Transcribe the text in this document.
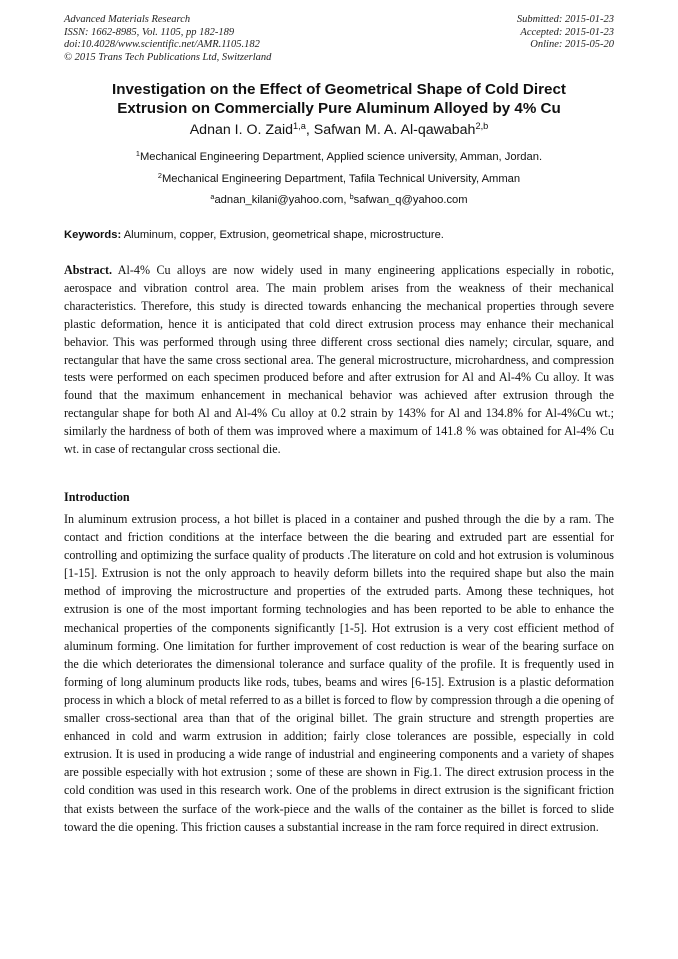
Advanced Materials Research
ISSN: 1662-8985, Vol. 1105, pp 182-189
doi:10.4028/www.scientific.net/AMR.1105.182
© 2015 Trans Tech Publications Ltd, Switzerland
Submitted: 2015-01-23
Accepted: 2015-01-23
Online: 2015-05-20
Investigation on the Effect of Geometrical Shape of Cold Direct
Extrusion on Commercially Pure Aluminum Alloyed by 4% Cu
Adnan I. O. Zaid$^{1,a}$, Safwan M. A. Al-qawabah$^{2,b}$
$^1$Mechanical Engineering Department, Applied science university, Amman, Jordan.
$^2$Mechanical Engineering Department, Tafila Technical University, Amman
$^a$adnan_kilani@yahoo.com, $^b$safwan_q@yahoo.com
Keywords: Aluminum, copper, Extrusion, geometrical shape, microstructure.

Abstract. Al-4% Cu alloys are now widely used in many engineering applications especially in robotic, aerospace and vibration control area. The main problem arises from the weakness of their mechanical characteristics. Therefore, this study is directed towards enhancing the mechanical properties through severe plastic deformation, hence it is anticipated that cold direct extrusion process may enhance their mechanical behavior. This was performed through using three different cross sectional dies namely; circular, square, and rectangular that have the same cross sectional area. The general microstructure, microhardness, and compression tests were performed on each specimen produced before and after extrusion for Al and Al-4% Cu alloy. It was found that the maximum enhancement in mechanical behavior was achieved after extrusion through the rectangular shape for both Al and Al-4% Cu alloy at 0.2 strain by 143% for Al and 134.8% for Al-4%Cu wt.; similarly the hardness of both of them was improved where a maximum of 141.8 % was obtained for Al-4% Cu wt. in case of rectangular cross sectional die.

Introduction

In aluminum extrusion process, a hot billet is placed in a container and pushed through the die by a ram. The contact and friction conditions at the interface between the die bearing and extruded part are essential for controlling and optimizing the surface quality of products .The literature on cold and hot extrusion is voluminous [1-15]. Extrusion is not the only approach to heavily deform billets into the required shape but also the main method of improving the microstructure and properties of the extruded parts. Among these techniques, hot extrusion is one of the most important forming technologies and has been reported to be able to enhance the mechanical properties of the components significantly [1-5]. Hot extrusion is a very cost efficient method of aluminum forming. One limitation for further improvement of cost reduction is wear of the bearing surface on the die which deteriorates the dimensional tolerance and surface quality of the profile. It is frequently used in forming of long aluminum products like rods, tubes, beams and wires [6-15]. Extrusion is a plastic deformation process in which a block of metal referred to as a billet is forced to flow by compression through a die opening of smaller cross-sectional area than that of the original billet. The grain structure and strength properties are enhanced in cold and warm extrusion in addition; fairly close tolerances are possible, especially in cold extrusion. It is used in producing a wide range of industrial and engineering components and a variety of shapes are possible especially with hot extrusion ; some of these are shown in Fig.1. The direct extrusion process in the cold condition was used in this research work. One of the problems in direct extrusion is the significant friction that exists between the surface of the work-piece and the walls of the container as the billet is forced to slide toward the die opening. This friction causes a substantial increase in the ram force required in direct extrusion.
